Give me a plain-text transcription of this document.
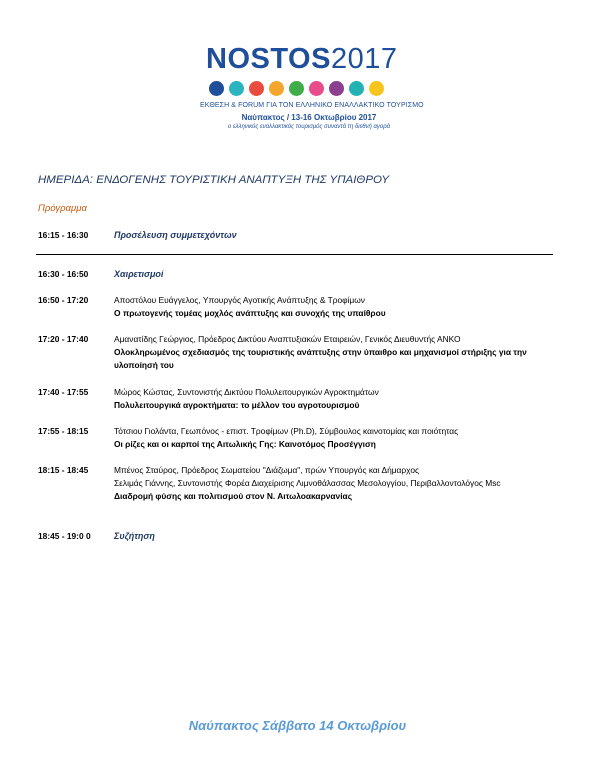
NOSTOS2017
ΕΚΘΕΣΗ & FORUM ΓΙΑ ΤΟΝ ΕΛΛΗΝΙΚΟ ΕΝΑΛΛΑΚΤΙΚΟ ΤΟΥΡΙΣΜΟ
Ναύπακτος / 13-16 Οκτωβρίου 2017
ο ελληνικός εναλλακτικός τουρισμός συναντά τη διεθνή αγορά
ΗΜΕΡΙΔΑ: ΕΝΔΟΓΕΝΗΣ ΤΟΥΡΙΣΤΙΚΗ ΑΝΑΠΤΥΞΗ ΤΗΣ ΥΠΑΙΘΡΟΥ
Πρόγραμμα
16:15 - 16:30	Προσέλευση συμμετεχόντων
16:30 - 16:50	Χαιρετισμοί
16:50 - 17:20	Αποστόλου Ευάγγελος, Υπουργός Αγοτικής Ανάπτυξης & Τροφίμων
Ο πρωτογενής τομέας μοχλός ανάπτυξης και συνοχής της υπαίθρου
17:20 - 17:40	Αμανατίδης Γεώργιος, Πρόεδρος Δικτύου Αναπτυξιακών Εταιρειών, Γενικός Διευθυντής ΑΝΚΟ
Ολοκληρωμένος σχεδιασμός της τουριστικής ανάπτυξης στην ύπαιθρο και μηχανισμοί στήριξης για την υλοποίησή του
17:40 - 17:55	Μώρος Κώστας, Συντονιστής Δικτύου Πολυλειτουργικών Αγροκτημάτων
Πολυλειτουργικά αγροκτήματα: το μέλλον του αγροτουρισμού
17:55 - 18:15	Τότσιου Γιολάντα, Γεωπόνος - επιστ. Τροφίμων (Ph.D), Σύμβουλος καινοτομίας και ποιότητας
Οι ρίζες και οι καρποί της Αιτωλικής Γης: Καινοτόμος Προσέγγιση
18:15 - 18:45	Μπένος Σταύρος, Πρόεδρος Σωματείου "Διάζωμα", πρών Υπουργός και Δήμαρχος
Σελιμάς Γιάννης, Συντονιστής Φορέα Διαχείρισης Λιμνοθάλασσας Μεσολογγίου, Περιβαλλοντολόγος Msc
Διαδρομή φύσης και πολιτισμού στον Ν. Αιτωλοακαρνανίας
18:45 - 19:0 0	Συζήτηση
Ναύπακτος Σάββατο 14 Οκτωβρίου
